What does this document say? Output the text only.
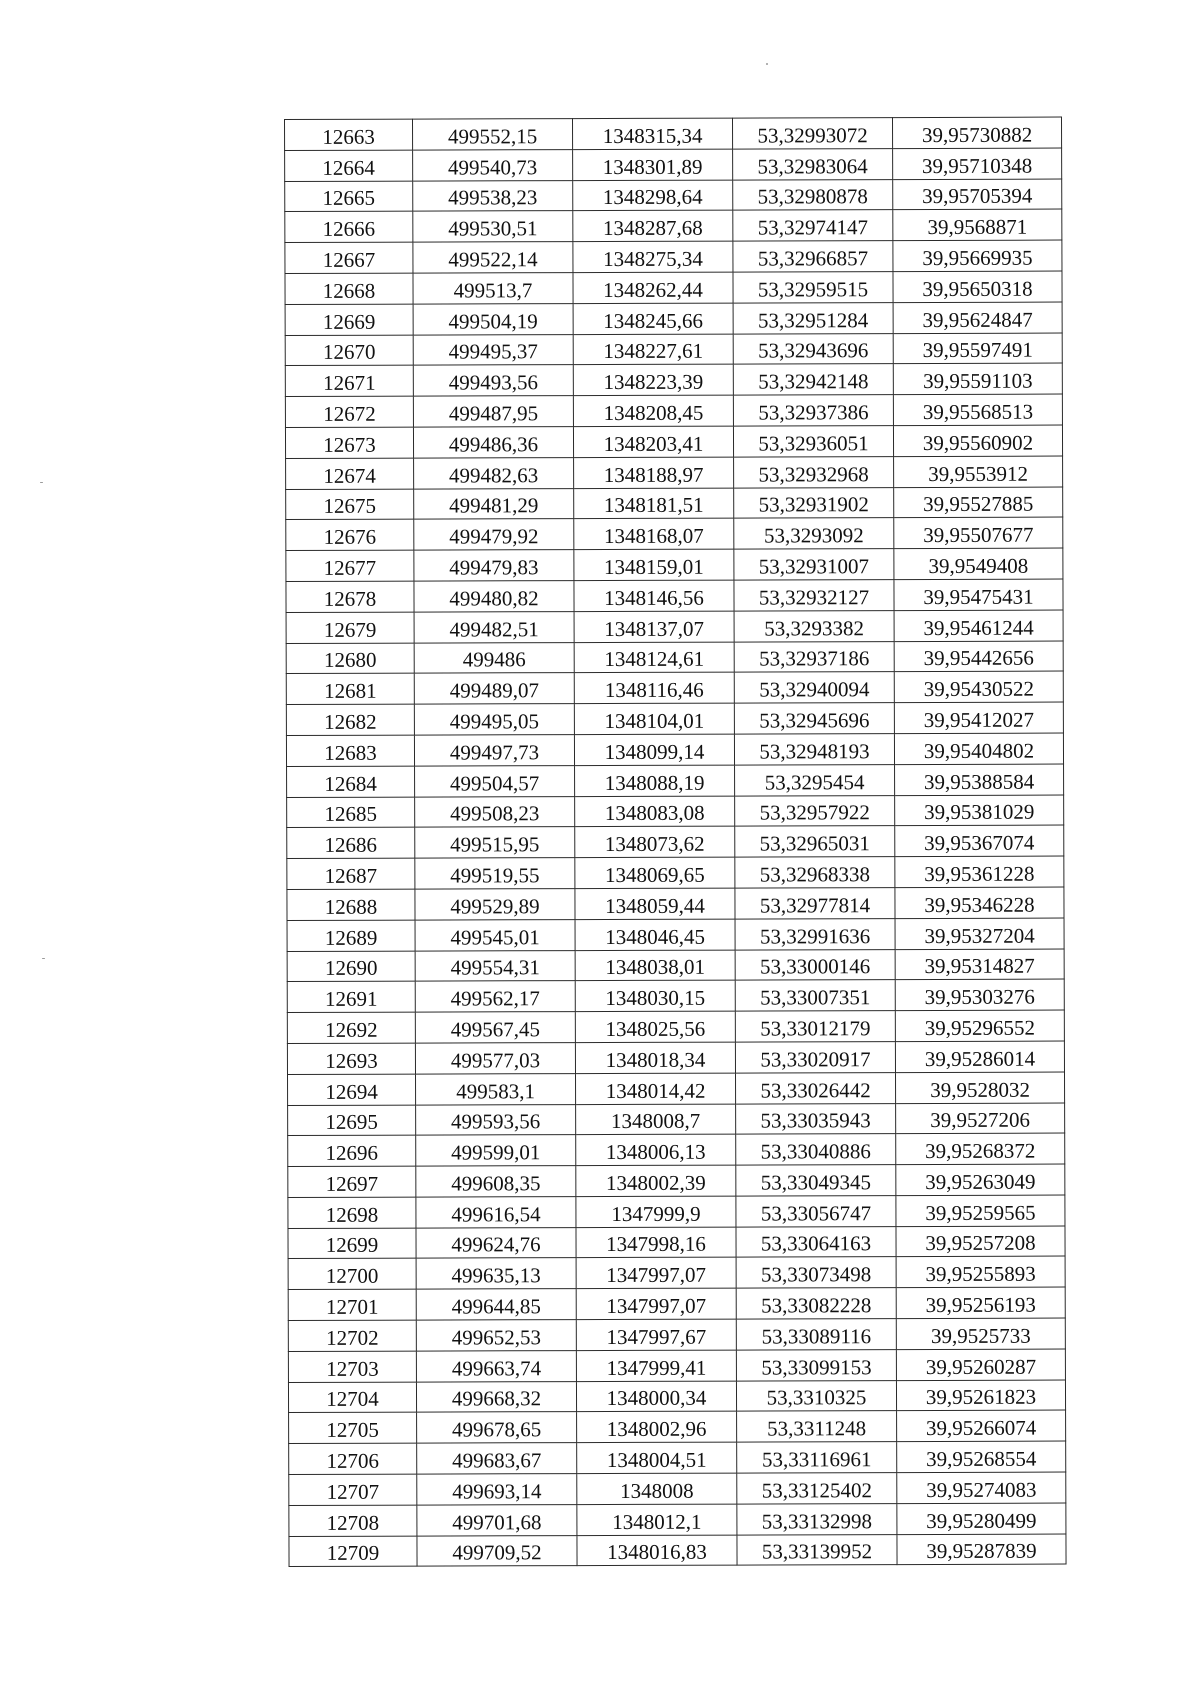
12663	499552,15	1348315,34	53,32993072	39,95730882
12664	499540,73	1348301,89	53,32983064	39,95710348
12665	499538,23	1348298,64	53,32980878	39,95705394
12666	499530,51	1348287,68	53,32974147	39,9568871
12667	499522,14	1348275,34	53,32966857	39,95669935
12668	499513,7	1348262,44	53,32959515	39,95650318
12669	499504,19	1348245,66	53,32951284	39,95624847
12670	499495,37	1348227,61	53,32943696	39,95597491
12671	499493,56	1348223,39	53,32942148	39,95591103
12672	499487,95	1348208,45	53,32937386	39,95568513
12673	499486,36	1348203,41	53,32936051	39,95560902
12674	499482,63	1348188,97	53,32932968	39,9553912
12675	499481,29	1348181,51	53,32931902	39,95527885
12676	499479,92	1348168,07	53,3293092	39,95507677
12677	499479,83	1348159,01	53,32931007	39,9549408
12678	499480,82	1348146,56	53,32932127	39,95475431
12679	499482,51	1348137,07	53,3293382	39,95461244
12680	499486	1348124,61	53,32937186	39,95442656
12681	499489,07	1348116,46	53,32940094	39,95430522
12682	499495,05	1348104,01	53,32945696	39,95412027
12683	499497,73	1348099,14	53,32948193	39,95404802
12684	499504,57	1348088,19	53,3295454	39,95388584
12685	499508,23	1348083,08	53,32957922	39,95381029
12686	499515,95	1348073,62	53,32965031	39,95367074
12687	499519,55	1348069,65	53,32968338	39,95361228
12688	499529,89	1348059,44	53,32977814	39,95346228
12689	499545,01	1348046,45	53,32991636	39,95327204
12690	499554,31	1348038,01	53,33000146	39,95314827
12691	499562,17	1348030,15	53,33007351	39,95303276
12692	499567,45	1348025,56	53,33012179	39,95296552
12693	499577,03	1348018,34	53,33020917	39,95286014
12694	499583,1	1348014,42	53,33026442	39,9528032
12695	499593,56	1348008,7	53,33035943	39,9527206
12696	499599,01	1348006,13	53,33040886	39,95268372
12697	499608,35	1348002,39	53,33049345	39,95263049
12698	499616,54	1347999,9	53,33056747	39,95259565
12699	499624,76	1347998,16	53,33064163	39,95257208
12700	499635,13	1347997,07	53,33073498	39,95255893
12701	499644,85	1347997,07	53,33082228	39,95256193
12702	499652,53	1347997,67	53,33089116	39,9525733
12703	499663,74	1347999,41	53,33099153	39,95260287
12704	499668,32	1348000,34	53,3310325	39,95261823
12705	499678,65	1348002,96	53,3311248	39,95266074
12706	499683,67	1348004,51	53,33116961	39,95268554
12707	499693,14	1348008	53,33125402	39,95274083
12708	499701,68	1348012,1	53,33132998	39,95280499
12709	499709,52	1348016,83	53,33139952	39,95287839
